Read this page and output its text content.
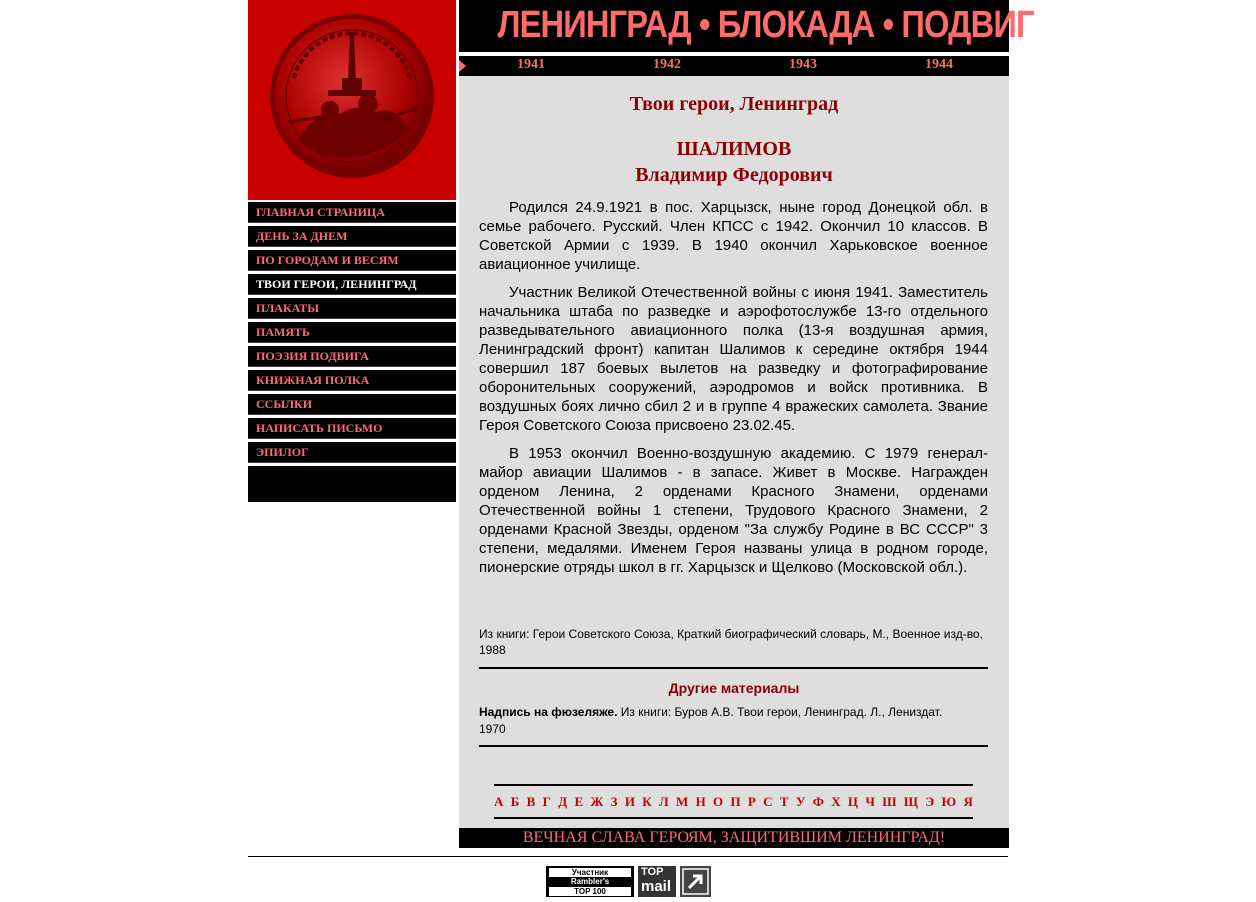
ГЛАВНАЯ СТРАНИЦА
ДЕНЬ ЗА ДНЕМ
ПО ГОРОДАМ И ВЕСЯМ
ТВОИ ГЕРОИ, ЛЕНИНГРАД
ПЛАКАТЫ
ПАМЯТЬ
ПОЭЗИЯ ПОДВИГА
КНИЖНАЯ ПОЛКА
ССЫЛКИ
НАПИСАТЬ ПИСЬМО
ЭПИЛОГ
ЛЕНИНГРАД • БЛОКАДА • ПОДВИГ
1941	1942	1943	1944
Твои герои, Ленинград
ШАЛИМОВ
Владимир Федорович

Родился 24.9.1921 в пос. Харцызск, ныне город Донецкой обл. в семье рабочего. Русский. Член КПСС с 1942. Окончил 10 классов. В Советской Армии с 1939. В 1940 окончил Харьковское военное авиационное училище.

Участник Великой Отечественной войны с июня 1941. Заместитель начальника штаба по разведке и аэрофотослужбе 13-го отдельного разведывательного авиационного полка (13-я воздушная армия, Ленинградский фронт) капитан Шалимов к середине октября 1944 совершил 187 боевых вылетов на разведку и фотографирование оборонительных сооружений, аэродромов и войск противника. В воздушных боях лично сбил 2 и в группе 4 вражеских самолета. Звание Героя Советского Союза присвоено 23.02.45.

В 1953 окончил Военно-воздушную академию. С 1979 генерал-майор авиации Шалимов - в запасе. Живет в Москве. Награжден орденом Ленина, 2 орденами Красного Знамени, орденами Отечественной войны 1 степени, Трудового Красного Знамени, 2 орденами Красной Звезды, орденом "За службу Родине в ВС СССР" 3 степени, медалями. Именем Героя названы улица в родном городе, пионерские отряды школ в гг. Харцызск и Щелково (Московской обл.).

Из книги: Герои Советского Союза, Краткий биографический словарь, М., Военное изд-во, 1988
Другие материалы
Надпись на фюзеляже. Из книги: Буров А.В. Твои герои, Ленинград. Л., Лениздат. 1970
А Б В Г Д Е Ж З И К Л М Н О П Р С Т У Ф Х Ц Ч Ш Щ Э Ю Я
ВЕЧНАЯ СЛАВА ГЕРОЯМ, ЗАЩИТИВШИМ ЛЕНИНГРАД!
Участник
Rambler's
TOP 100
TOP
mail
